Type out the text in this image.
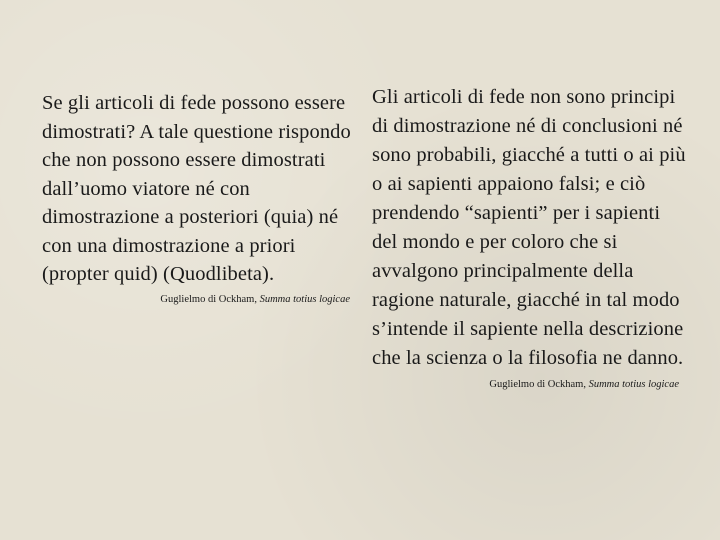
Se gli articoli di fede possono essere dimostrati? A tale questione rispondo che non possono essere dimostrati dall’uomo viatore né con dimostrazione a posteriori (quia) né con una dimostrazione a priori (propter quid) (Quodlibeta).

Guglielmo di Ockham, Summa totius logicae

Gli articoli di fede non sono principi di dimostrazione né di conclusioni né sono probabili, giacché a tutti o ai più o ai sapienti appaiono falsi; e ciò prendendo “sapienti” per i sapienti del mondo e per coloro che si avvalgono principalmente della ragione naturale, giacché in tal modo s’intende il sapiente nella descrizione che la scienza o la filosofia ne danno.

Guglielmo di Ockham, Summa totius logicae
